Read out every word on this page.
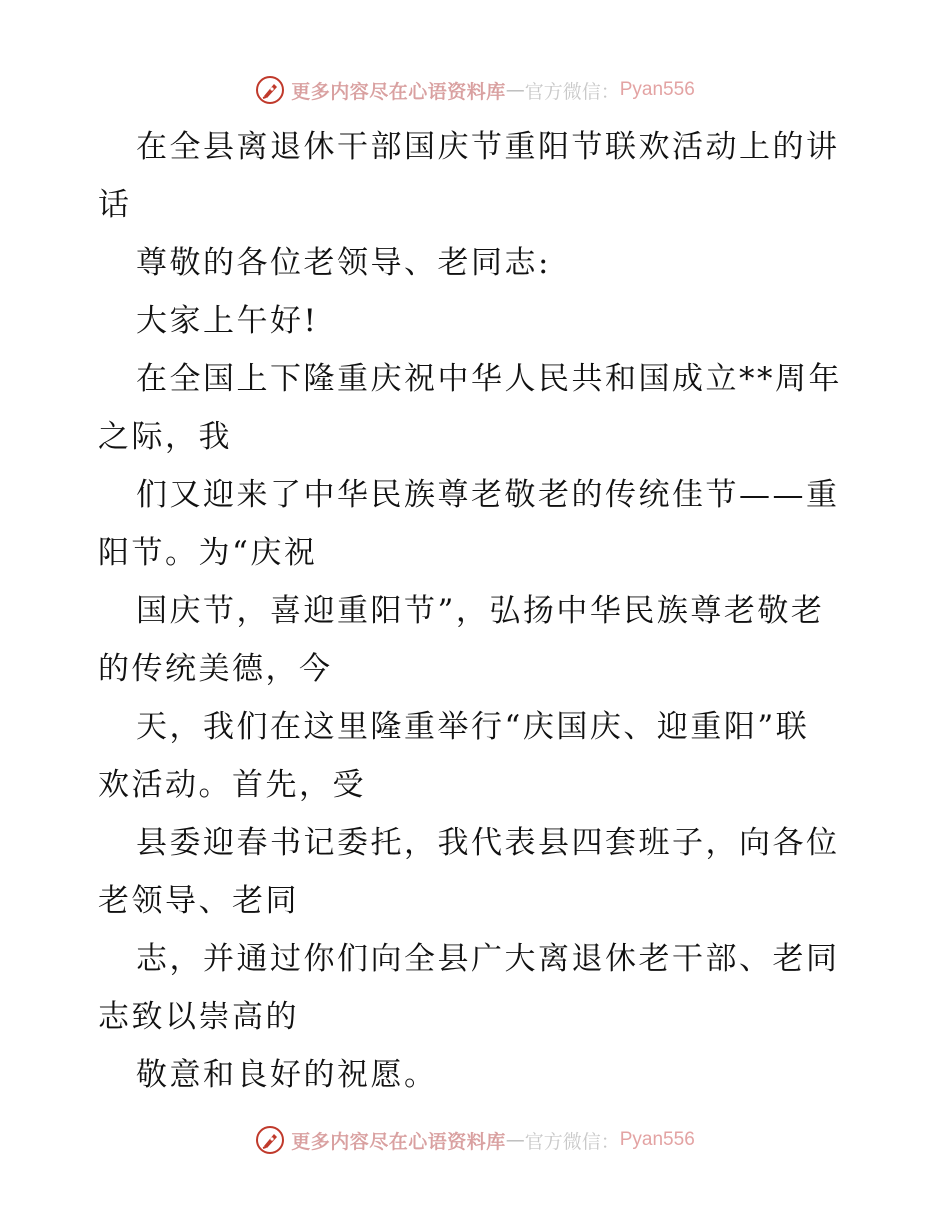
更多内容尽在心语资料库 — 官方微信： Pyan556

在全县离退休干部国庆节重阳节联欢活动上的讲
话

尊敬的各位老领导、老同志:

大家上午好!

在全国上下隆重庆祝中华人民共和国成立**周年
之际，我

们又迎来了中华民族尊老敬老的传统佳节——重
阳节。为“庆祝

国庆节，喜迎重阳节”，弘扬中华民族尊老敬老
的传统美德，今

天，我们在这里隆重举行“庆国庆、迎重阳”联
欢活动。首先，受

县委迎春书记委托，我代表县四套班子，向各位
老领导、老同

志，并通过你们向全县广大离退休老干部、老同
志致以崇高的

敬意和良好的祝愿。

更多内容尽在心语资料库 — 官方微信： Pyan556
